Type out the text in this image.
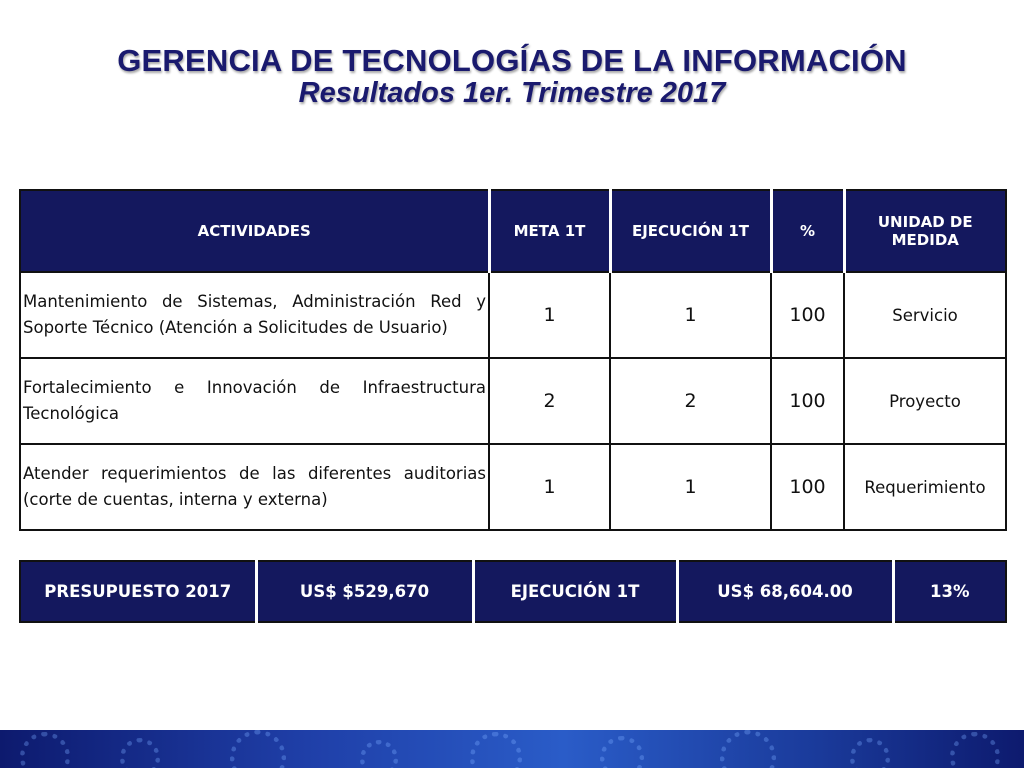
GERENCIA DE TECNOLOGÍAS DE LA INFORMACIÓN
Resultados 1er. Trimestre 2017
ACTIVIDADES	META 1T	EJECUCIÓN 1T	%	UNIDAD DE MEDIDA
Mantenimiento de Sistemas, Administración Red y Soporte Técnico (Atención a Solicitudes de Usuario)	1	1	100	Servicio
Fortalecimiento e Innovación de Infraestructura Tecnológica	2	2	100	Proyecto
Atender requerimientos de las diferentes auditorias (corte de cuentas, interna y externa)	1	1	100	Requerimiento
PRESUPUESTO 2017	US$ $529,670	EJECUCIÓN 1T	US$ 68,604.00	13%
